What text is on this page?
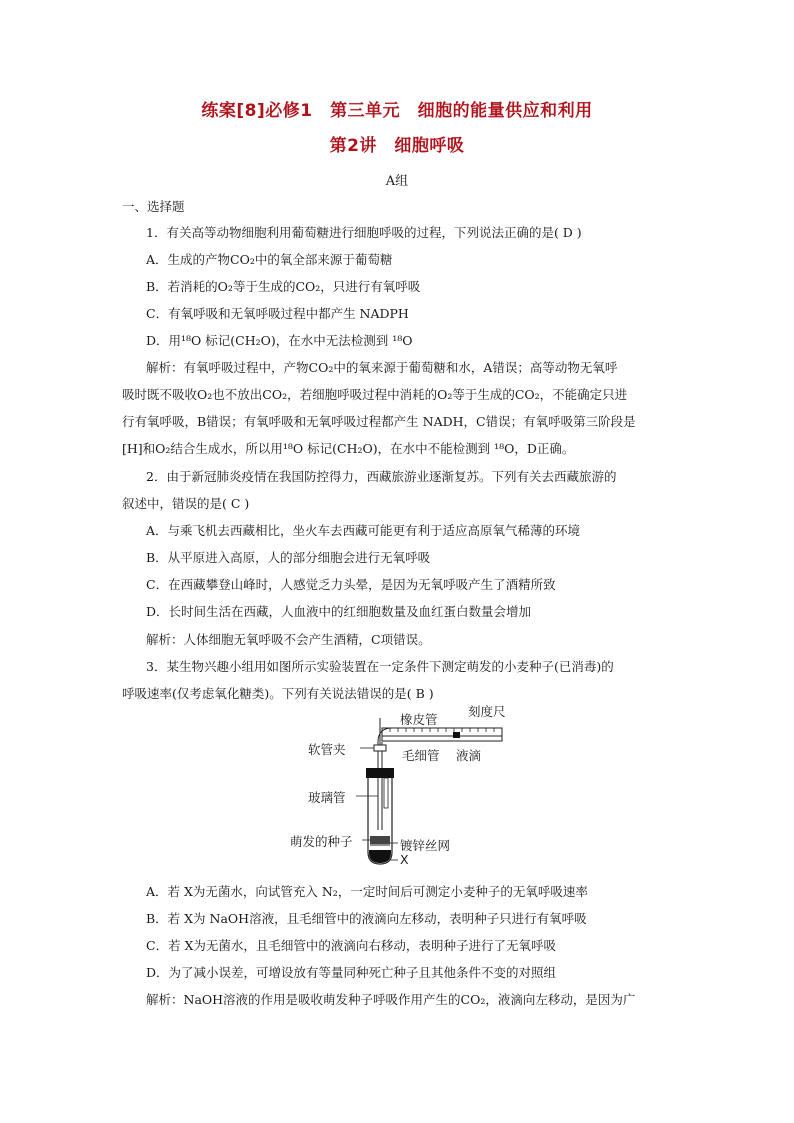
练案[8]必修1　第三单元　细胞的能量供应和利用
第2讲　细胞呼吸
A组
一、选择题
1．有关高等动物细胞利用葡萄糖进行细胞呼吸的过程，下列说法正确的是( D )
A．生成的产物CO₂中的氧全部来源于葡萄糖
B．若消耗的O₂等于生成的CO₂，只进行有氧呼吸
C．有氧呼吸和无氧呼吸过程中都产生 NADPH
D．用¹⁸O 标记(CH₂O)，在水中无法检测到 ¹⁸O
解析：有氧呼吸过程中，产物CO₂中的氧来源于葡萄糖和水，A错误；高等动物无氧呼
吸时既不吸收O₂也不放出CO₂，若细胞呼吸过程中消耗的O₂等于生成的CO₂，不能确定只进
行有氧呼吸，B错误；有氧呼吸和无氧呼吸过程都产生 NADH，C错误；有氧呼吸第三阶段是
[H]和O₂结合生成水，所以用¹⁸O 标记(CH₂O)，在水中不能检测到 ¹⁸O，D正确。
2．由于新冠肺炎疫情在我国防控得力，西藏旅游业逐渐复苏。下列有关去西藏旅游的
叙述中，错误的是( C )
A．与乘飞机去西藏相比，坐火车去西藏可能更有利于适应高原氧气稀薄的环境
B．从平原进入高原，人的部分细胞会进行无氧呼吸
C．在西藏攀登山峰时，人感觉乏力头晕，是因为无氧呼吸产生了酒精所致
D．长时间生活在西藏，人血液中的红细胞数量及血红蛋白数量会增加
解析：人体细胞无氧呼吸不会产生酒精，C项错误。
3．某生物兴趣小组用如图所示实验装置在一定条件下测定萌发的小麦种子(已消毒)的
呼吸速率(仅考虑氧化糖类)。下列有关说法错误的是( B )
橡皮管
刻度尺
软管夹	毛细管 液滴
玻璃管
萌发的种子	镀锌丝网
X
A．若 X为无菌水，向试管充入 N₂，一定时间后可测定小麦种子的无氧呼吸速率
B．若 X为 NaOH溶液，且毛细管中的液滴向左移动，表明种子只进行有氧呼吸
C．若 X为无菌水，且毛细管中的液滴向右移动，表明种子进行了无氧呼吸
D．为了减小误差，可增设放有等量同种死亡种子且其他条件不变的对照组
解析：NaOH溶液的作用是吸收萌发种子呼吸作用产生的CO₂，液滴向左移动，是因为广
